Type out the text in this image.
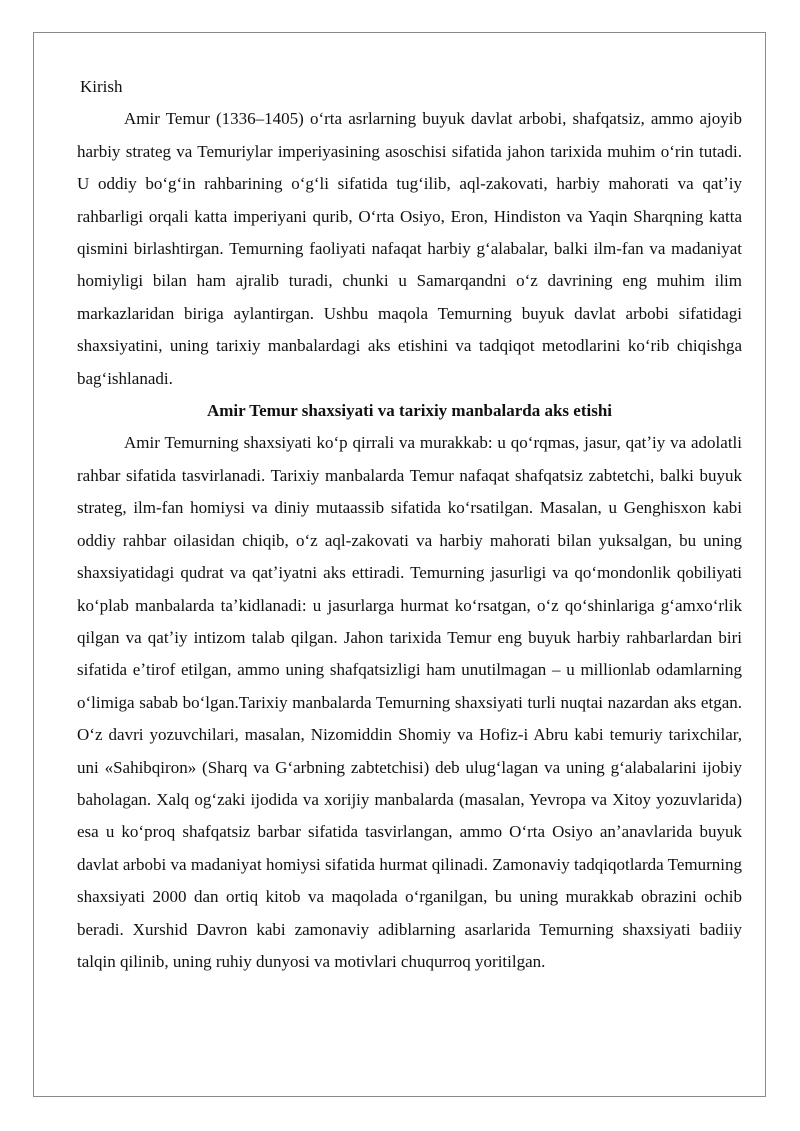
Kirish

Amir Temur (1336–1405) oʻrta asrlarning buyuk davlat arbobi, shafqatsiz, ammo ajoyib harbiy strateg va Temuriylar imperiyasining asoschisi sifatida jahon tarixida muhim oʻrin tutadi. U oddiy boʻgʻin rahbarining oʻgʻli sifatida tugʻilib, aql-zakovati, harbiy mahorati va qatʼiy rahbarligi orqali katta imperiyani qurib, Oʻrta Osiyo, Eron, Hindiston va Yaqin Sharqning katta qismini birlashtirgan. Temurning faoliyati nafaqat harbiy gʻalabalar, balki ilm-fan va madaniyat homiyligi bilan ham ajralib turadi, chunki u Samarqandni oʻz davrining eng muhim ilim markazlaridan biriga aylantirgan. Ushbu maqola Temurning buyuk davlat arbobi sifatidagi shaxsiyatini, uning tarixiy manbalardagi aks etishini va tadqiqot metodlarini koʻrib chiqishga bagʻishlanadi.

Amir Temur shaxsiyati va tarixiy manbalarda aks etishi

Amir Temurning shaxsiyati koʻp qirrali va murakkab: u qoʻrqmas, jasur, qatʼiy va adolatli rahbar sifatida tasvirlanadi. Tarixiy manbalarda Temur nafaqat shafqatsiz zabtetchi, balki buyuk strateg, ilm-fan homiysi va diniy mutaassib sifatida koʻrsatilgan. Masalan, u Genghisxon kabi oddiy rahbar oilasidan chiqib, oʻz aql-zakovati va harbiy mahorati bilan yuksalgan, bu uning shaxsiyatidagi qudrat va qatʼiyatni aks ettiradi. Temurning jasurligi va qoʻmondonlik qobiliyati koʻplab manbalarda taʼkidlanadi: u jasurlarga hurmat koʻrsatgan, oʻz qoʻshinlariga gʻamxoʻrlik qilgan va qatʼiy intizom talab qilgan. Jahon tarixida Temur eng buyuk harbiy rahbarlardan biri sifatida eʼtirof etilgan, ammo uning shafqatsizligi ham unutilmagan – u millionlab odamlarning oʻlimiga sabab boʻlgan.Tarixiy manbalarda Temurning shaxsiyati turli nuqtai nazardan aks etgan. Oʻz davri yozuvchilari, masalan, Nizomiddin Shomiy va Hofiz-i Abru kabi temuriy tarixchilar, uni «Sahibqiron» (Sharq va Gʻarbning zabtetchisi) deb ulugʻlagan va uning gʻalabalarini ijobiy baholagan. Xalq ogʻzaki ijodida va xorijiy manbalarda (masalan, Yevropa va Xitoy yozuvlarida) esa u koʻproq shafqatsiz barbar sifatida tasvirlangan, ammo Oʻrta Osiyo anʼanavlarida buyuk davlat arbobi va madaniyat homiysi sifatida hurmat qilinadi. Zamonaviy tadqiqotlarda Temurning shaxsiyati 2000 dan ortiq kitob va maqolada oʻrganilgan, bu uning murakkab obrazini ochib beradi. Xurshid Davron kabi zamonaviy adiblarning asarlarida Temurning shaxsiyati badiiy talqin qilinib, uning ruhiy dunyosi va motivlari chuqurroq yoritilgan.
